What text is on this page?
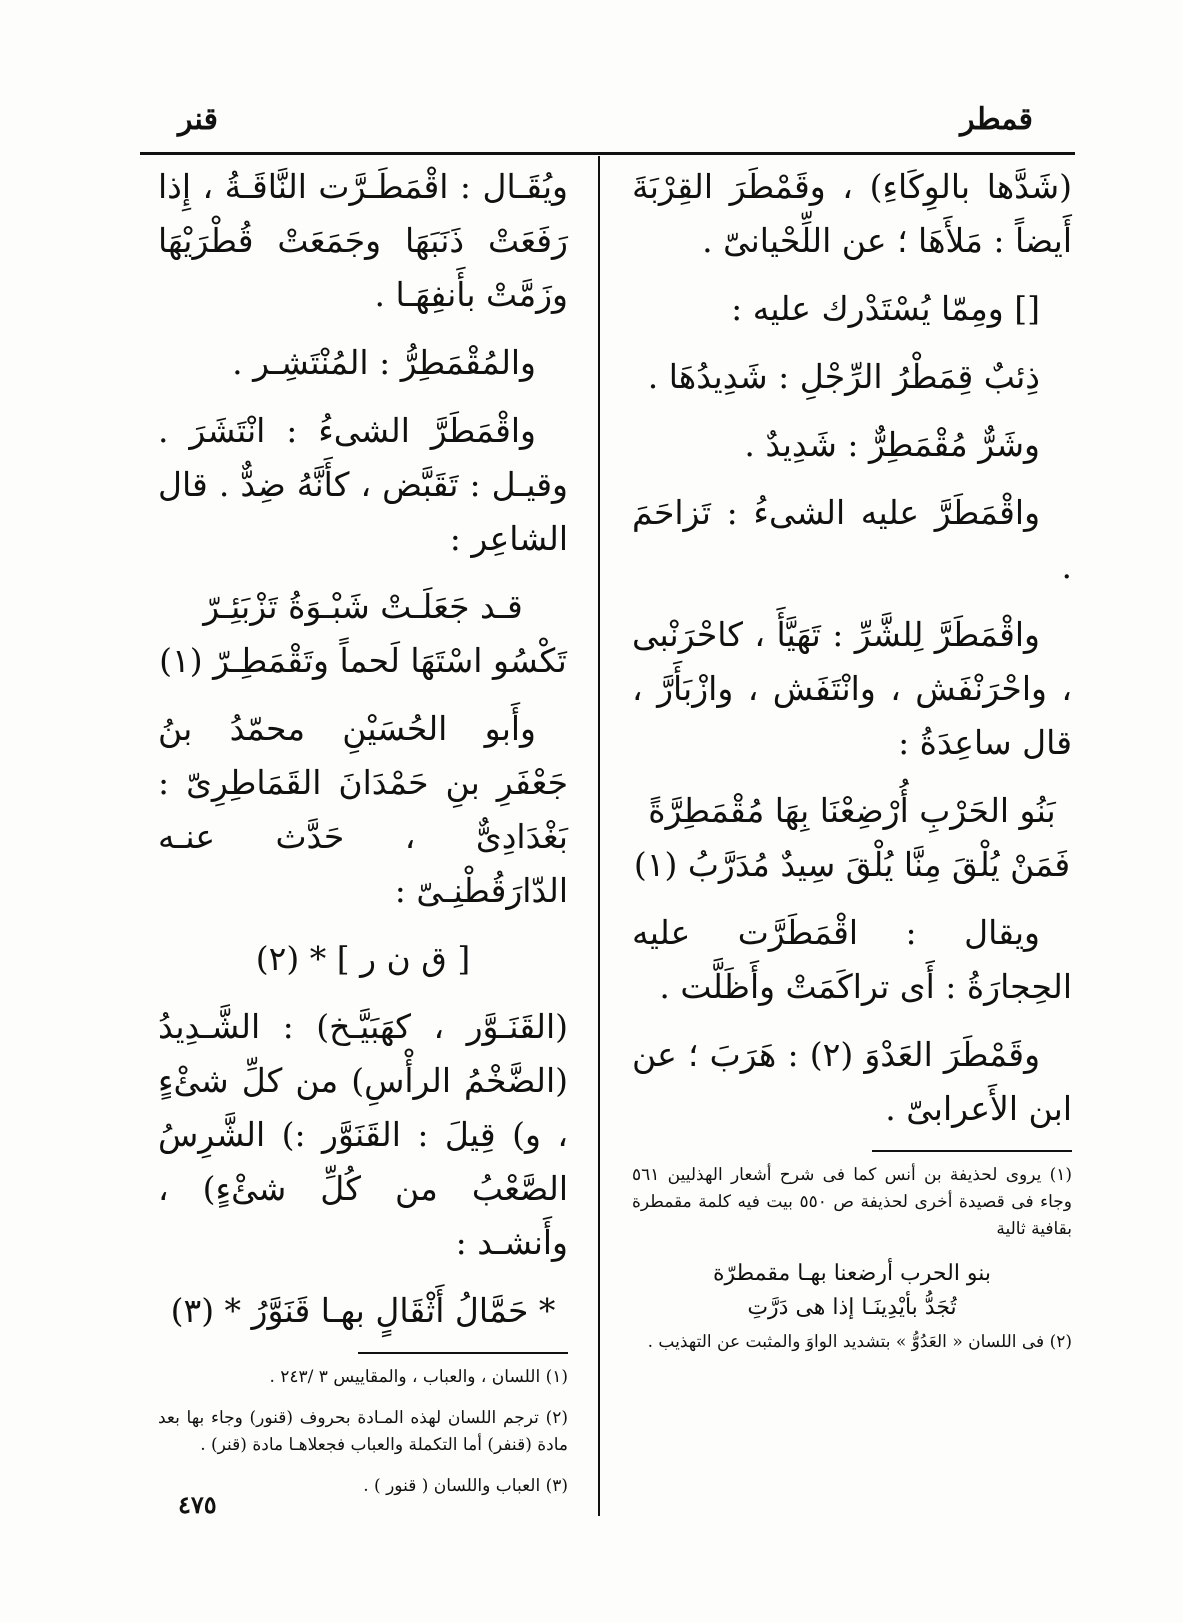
قمطر
قنر

(شَدَّها بالوِكَاءِ) ، وقَمْطَرَ القِرْبَةَ أَيضاً : مَلأَهَا ؛ عن اللِّحْيانىّ .

[] ومِمّا يُسْتَدْرك عليه :

ذِئبٌ قِمَطْرُ الرِّجْلِ : شَدِيدُهَا .

وشَرٌّ مُقْمَطِرٌّ : شَدِيدٌ .

واقْمَطَرَّ عليه الشىءُ : تَزاحَمَ .

واقْمَطَرَّ لِلشَّرِّ : تَهَيَّأَ ، كاحْرَنْبى ، واحْرَنْفَش ، وانْتَفَش ، وازْبَأَرَّ ، قال ساعِدَةُ :

بَنُو الحَرْبِ أُرْضِعْنَا بِهَا مُقْمَطِرَّةً
فَمَنْ يُلْقَ مِنَّا يُلْقَ سِيدٌ مُدَرَّبُ (١)

ويقال : اقْمَطَرَّت عليه الحِجارَةُ : أَى تراكَمَتْ وأَظَلَّت .

وقَمْطَرَ العَدْوَ (٢) : هَرَبَ ؛ عن ابن الأَعرابىّ .

(١) يروى لحذيفة بن أنس كما فى شرح أشعار الهذليين ٥٦١ وجاء فى قصيدة أخرى لحذيفة ص ٥٥٠ بيت فيه كلمة مقمطرة بقافية ثالية

بنو الحرب أرضعنا بهـا مقمطرّة
تُجَدُّ بأيْدِينَـا إذا هى دَرَّتِ

(٢) فى اللسان « العَدُوُّ » بتشديد الواوَ والمثبت عن التهذيب .

ويُقَـال : اقْمَطَـرَّت النَّاقَـةُ ، إِذا رَفَعَتْ ذَنَبَهَا وجَمَعَتْ قُطْرَيْهَا وزَمَّتْ بأَنفِهَـا .

والمُقْمَطِرُّ : المُنْتَشِـر .

واقْمَطَرَّ الشىءُ : انْتَشَرَ . وقيـل : تَقَبَّض ، كأَنَّهُ ضِدٌّ . قال الشاعِر :

قـد جَعَلَـتْ شَبْـوَةُ تَزْبَئِـرّ
تَكْسُو اسْتَهَا لَحماً وتَقْمَطِـرّ (١)

وأَبو الحُسَيْنِ محمّدُ بنُ جَعْفَرِ بنِ حَمْدَانَ القَمَاطِرِىّ : بَغْدَادِىٌّ ، حَدَّث عنـه الدّارَقُطْنِـىّ :

[ ق ن ر ] * (٢)

(القَنَـوَّر ، كهَبَيَّـخ) : الشَّـدِيدُ (الضَّخْمُ الرأْسِ) من كلِّ شئْءٍ ، و) قِيلَ : القَنَوَّر :) الشَّرِسُ الصَّعْبُ من كُلِّ شئْءٍ) ، وأَنشـد :

* حَمَّالُ أَثْقَالٍ بهـا قَنَوَّرُ * (٣)

(١) اللسان ، والعباب ، والمقاييس ٣ /٢٤٣ .

(٢) ترجم اللسان لهذه المـادة بحروف (قنور) وجاء بها بعد مادة (قنفر) أما التكملة والعباب فجعلاهـا مادة (قنر) .

(٣) العباب واللسان ( قنور ) .

٤٧٥
